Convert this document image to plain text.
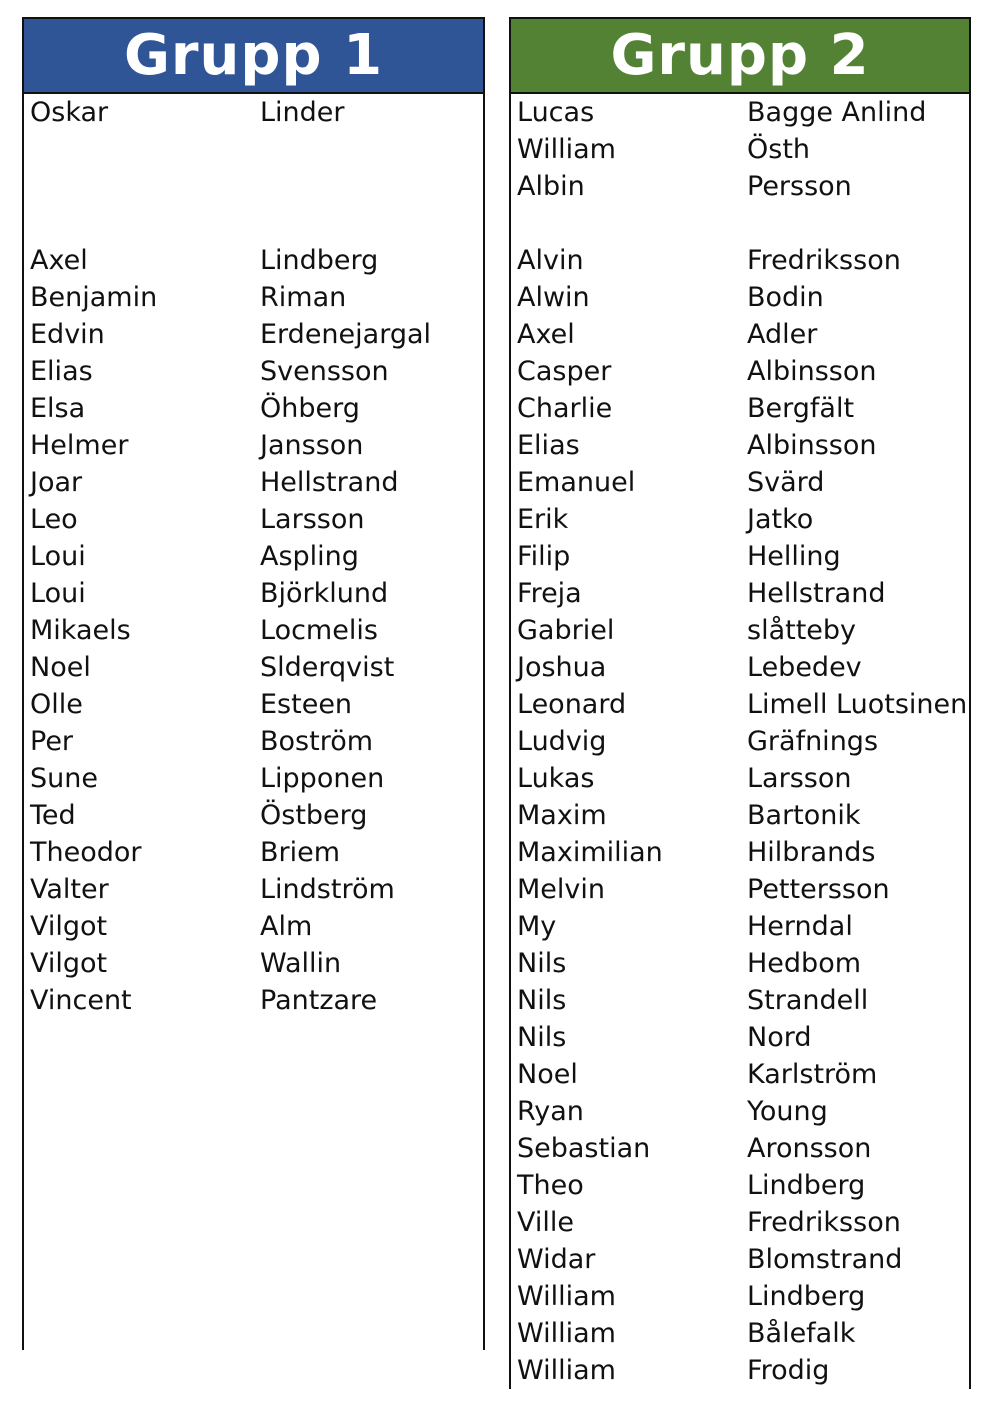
Grupp 1
Oskar	Linder
Axel	Lindberg
Benjamin	Riman
Edvin	Erdenejargal
Elias	Svensson
Elsa	Öhberg
Helmer	Jansson
Joar	Hellstrand
Leo	Larsson
Loui	Aspling
Loui	Björklund
Mikaels	Locmelis
Noel	Slderqvist
Olle	Esteen
Per	Boström
Sune	Lipponen
Ted	Östberg
Theodor	Briem
Valter	Lindström
Vilgot	Alm
Vilgot	Wallin
Vincent	Pantzare
Grupp 2
Lucas	Bagge Anlind
William	Östh
Albin	Persson
Alvin	Fredriksson
Alwin	Bodin
Axel	Adler
Casper	Albinsson
Charlie	Bergfält
Elias	Albinsson
Emanuel	Svärd
Erik	Jatko
Filip	Helling
Freja	Hellstrand
Gabriel	slåtteby
Joshua	Lebedev
Leonard	Limell Luotsinen
Ludvig	Gräfnings
Lukas	Larsson
Maxim	Bartonik
Maximilian	Hilbrands
Melvin	Pettersson
My	Herndal
Nils	Hedbom
Nils	Strandell
Nils	Nord
Noel	Karlström
Ryan	Young
Sebastian	Aronsson
Theo	Lindberg
Ville	Fredriksson
Widar	Blomstrand
William	Lindberg
William	Bålefalk
William	Frodig
